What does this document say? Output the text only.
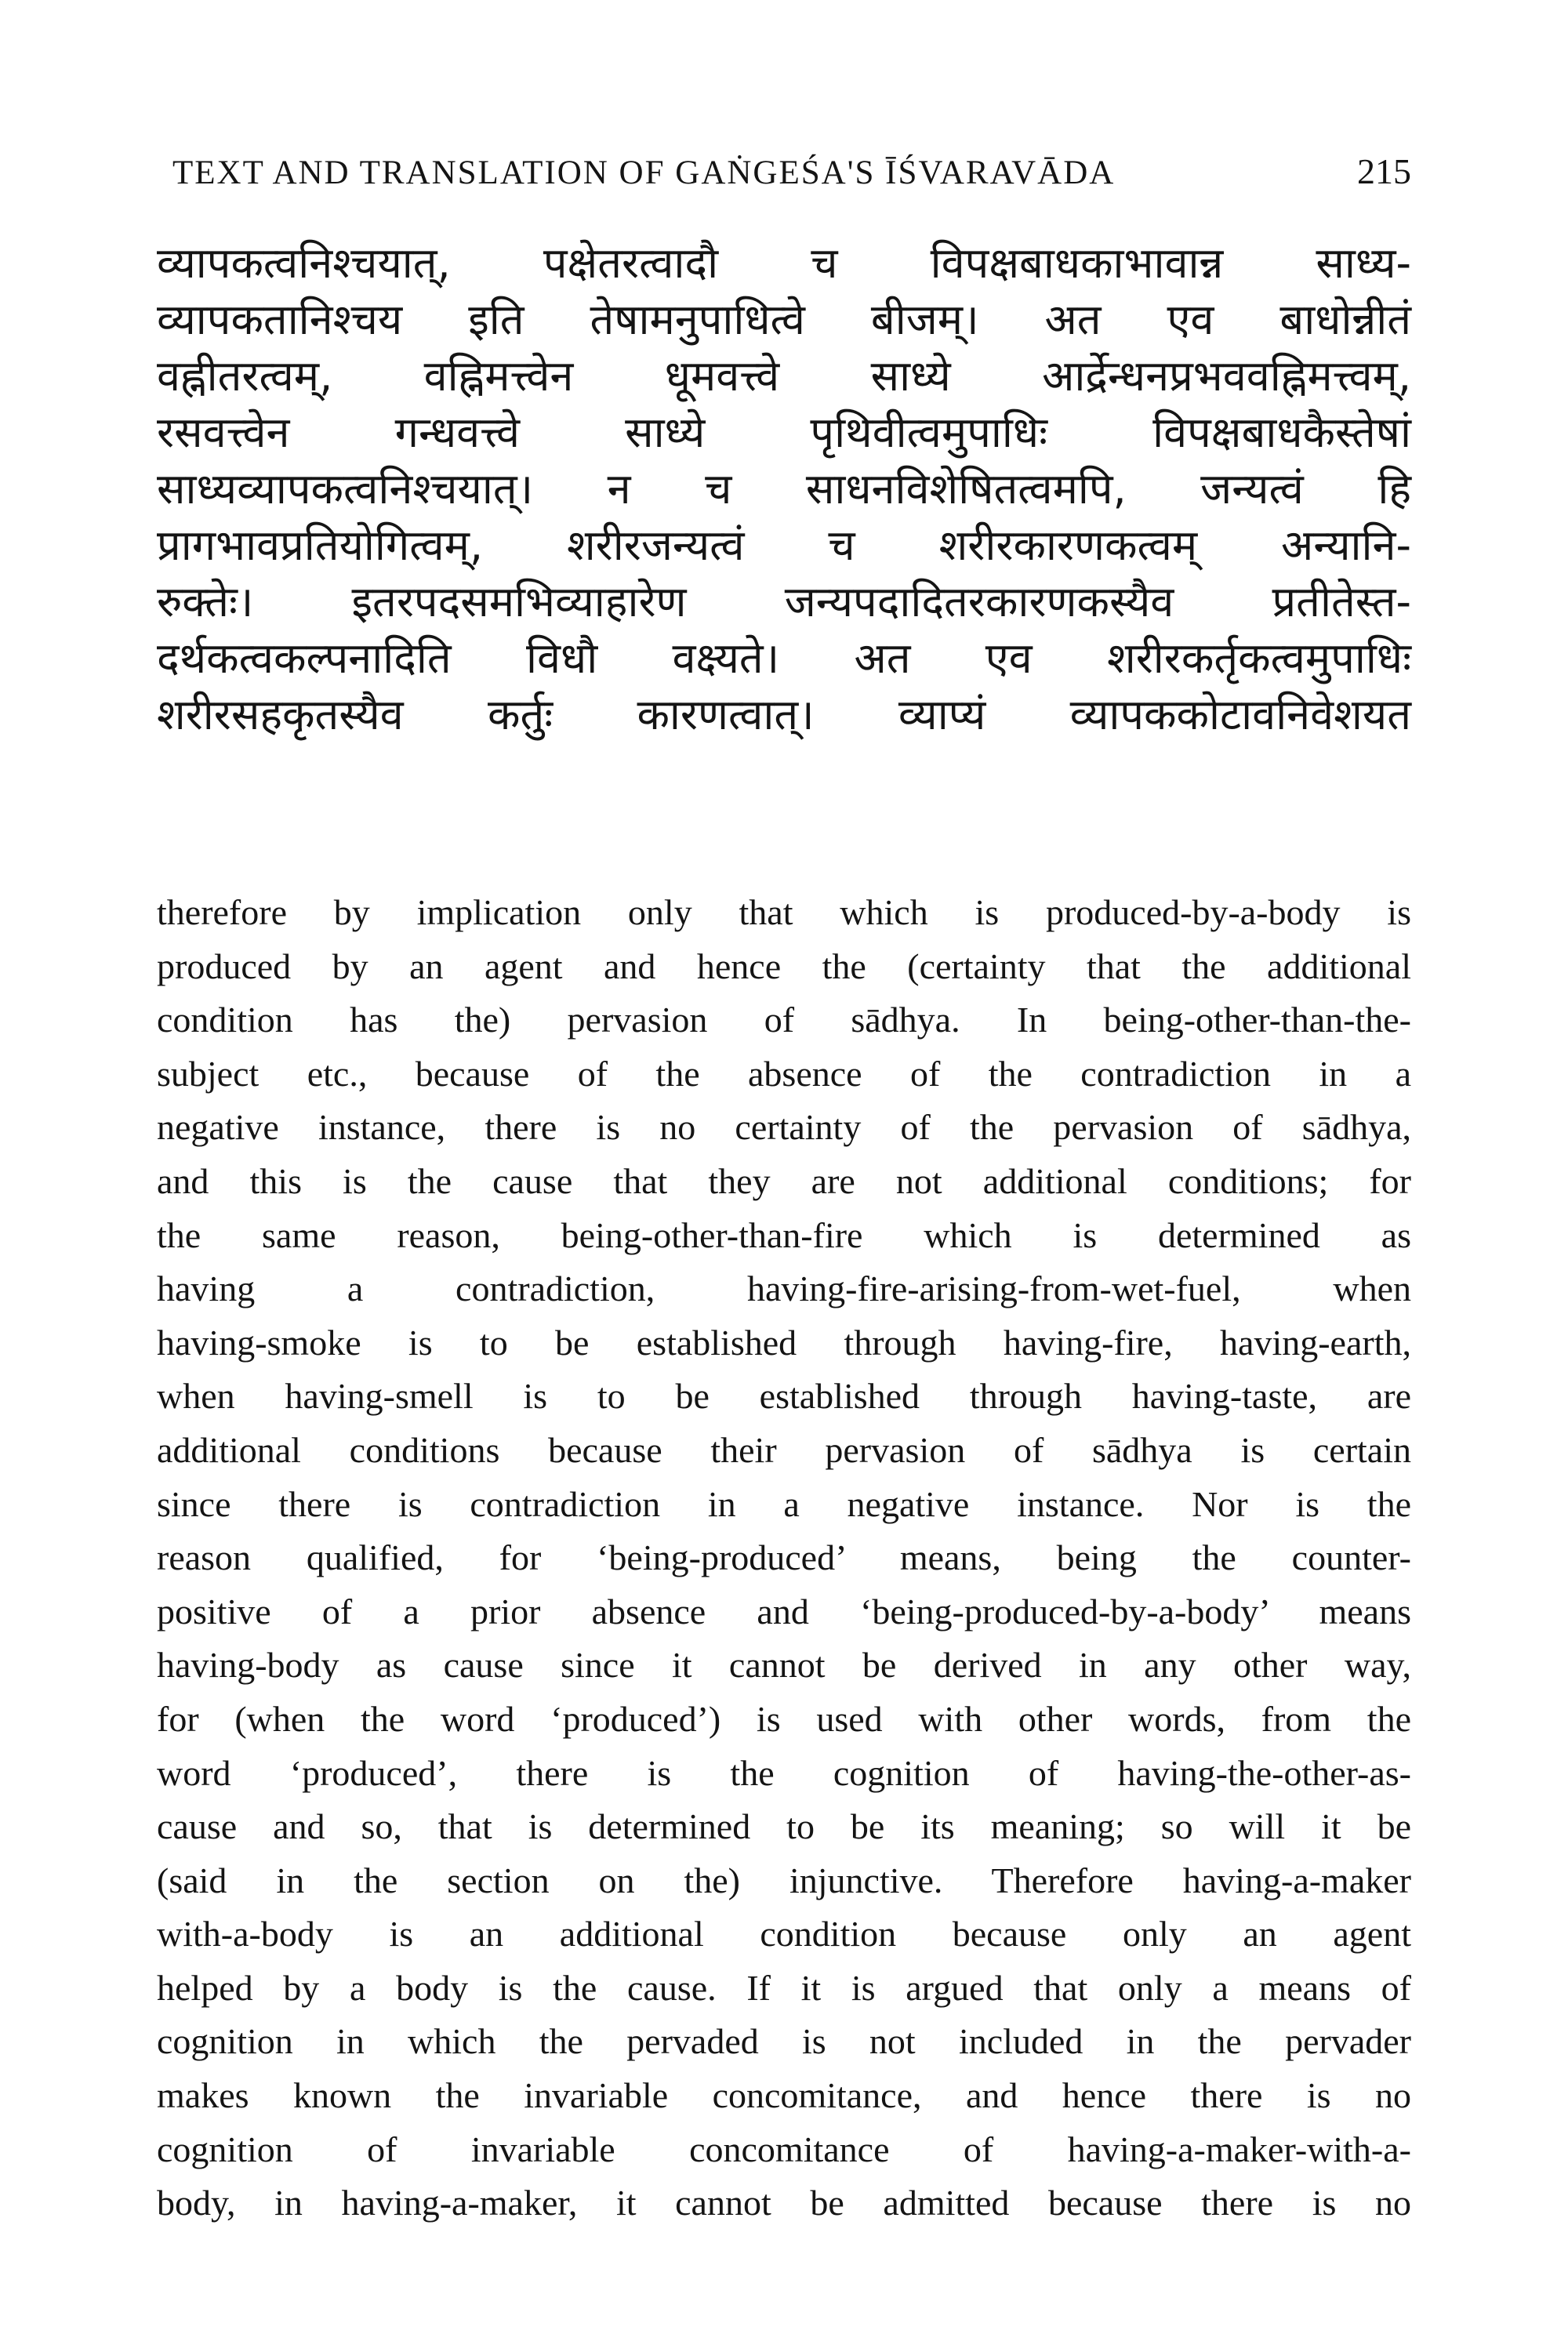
TEXT AND TRANSLATION OF GAṄGEŚA'S ĪŚVARAVĀDA	215
व्यापकत्वनिश्चयात्, पक्षेतरत्वादौ च विपक्षबाधकाभावान्न साध्य-
व्यापकतानिश्चय इति तेषामनुपाधित्वे बीजम्। अत एव बाधोन्नीतं
वह्नीतरत्वम्, वह्निमत्त्वेन धूमवत्त्वे साध्ये आर्द्रेन्धनप्रभववह्निमत्त्वम्,
रसवत्त्वेन गन्धवत्त्वे साध्ये पृथिवीत्वमुपाधिः विपक्षबाधकैस्तेषां
साध्यव्यापकत्वनिश्चयात्। न च साधनविशेषितत्वमपि, जन्यत्वं हि
प्रागभावप्रतियोगित्वम्, शरीरजन्यत्वं च शरीरकारणकत्वम् अन्यानि-
रुक्तेः। इतरपदसमभिव्याहारेण जन्यपदादितरकारणकस्यैव प्रतीतेस्त-
दर्थकत्वकल्पनादिति विधौ वक्ष्यते। अत एव शरीरकर्तृकत्वमुपाधिः
शरीरसहकृतस्यैव कर्तुः कारणत्वात्। व्याप्यं व्यापककोटावनिवेशयत
therefore by implication only that which is produced-by-a-body is
produced by an agent and hence the (certainty that the additional
condition has the) pervasion of sādhya. In being-other-than-the-
subject etc., because of the absence of the contradiction in a
negative instance, there is no certainty of the pervasion of sādhya,
and this is the cause that they are not additional conditions; for
the same reason, being-other-than-fire which is determined as
having a contradiction, having-fire-arising-from-wet-fuel, when
having-smoke is to be established through having-fire, having-earth,
when having-smell is to be established through having-taste, are
additional conditions because their pervasion of sādhya is certain
since there is contradiction in a negative instance. Nor is the
reason qualified, for ‘being-produced’ means, being the counter-
positive of a prior absence and ‘being-produced-by-a-body’ means
having-body as cause since it cannot be derived in any other way,
for (when the word ‘produced’) is used with other words, from the
word ‘produced’, there is the cognition of having-the-other-as-
cause and so, that is determined to be its meaning; so will it be
(said in the section on the) injunctive. Therefore having-a-maker
with-a-body is an additional condition because only an agent
helped by a body is the cause. If it is argued that only a means of
cognition in which the pervaded is not included in the pervader
makes known the invariable concomitance, and hence there is no
cognition of invariable concomitance of having-a-maker-with-a-
body, in having-a-maker, it cannot be admitted because there is no
